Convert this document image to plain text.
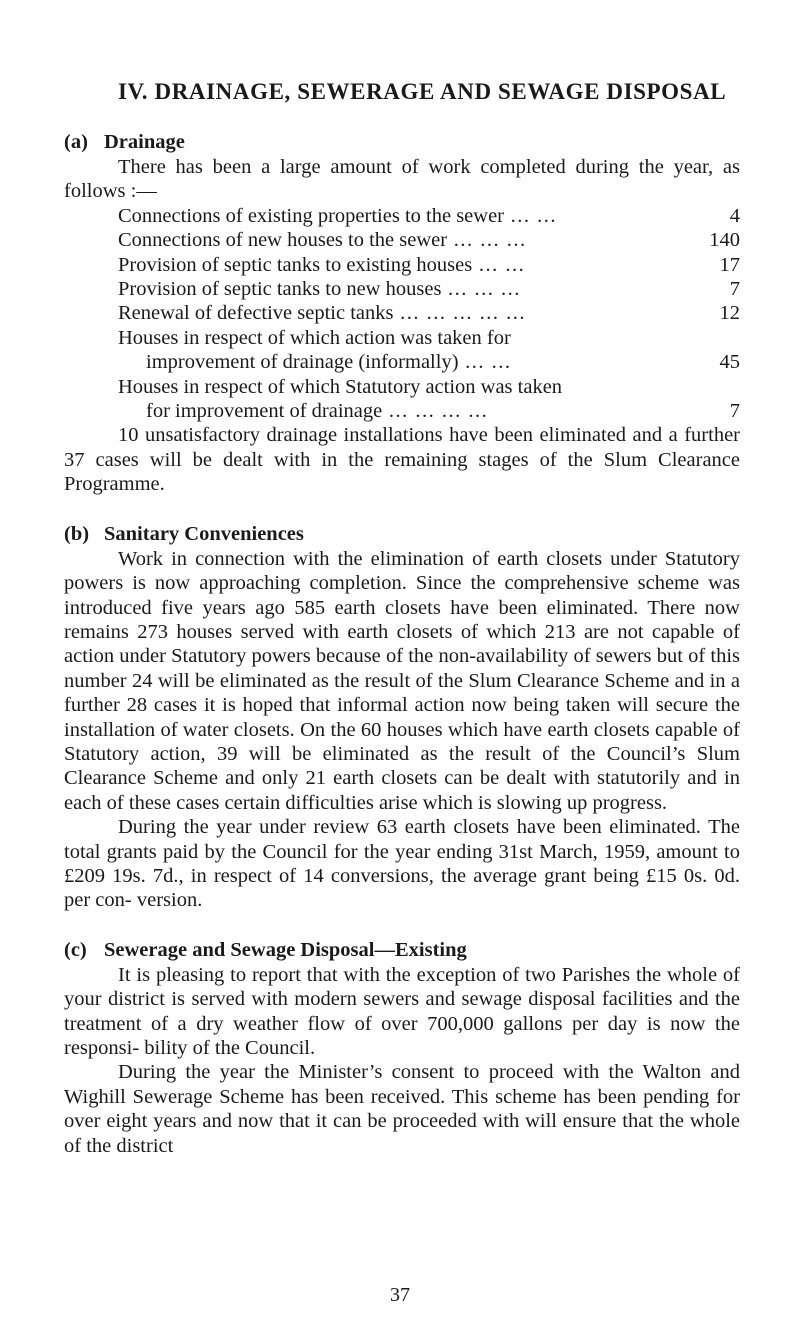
IV. DRAINAGE, SEWERAGE AND SEWAGE DISPOSAL
(a) Drainage

There has been a large amount of work completed during the year, as follows :—

Connections of existing properties to the sewer ... ...	4
Connections of new houses to the sewer ... ... ...	140
Provision of septic tanks to existing houses ... ...	17
Provision of septic tanks to new houses ... ... ...	7
Renewal of defective septic tanks ... ... ... ... ...	12
Houses in respect of which action was taken for
improvement of drainage (informally) ... ...	45
Houses in respect of which Statutory action was taken
for improvement of drainage ... ... ... ...	7

10 unsatisfactory drainage installations have been eliminated and a further 37 cases will be dealt with in the remaining stages of the Slum Clearance Programme.

(b) Sanitary Conveniences

Work in connection with the elimination of earth closets under Statutory powers is now approaching completion. Since the comprehensive scheme was introduced five years ago 585 earth closets have been eliminated. There now remains 273 houses served with earth closets of which 213 are not capable of action under Statutory powers because of the non-availability of sewers but of this number 24 will be eliminated as the result of the Slum Clearance Scheme and in a further 28 cases it is hoped that informal action now being taken will secure the installation of water closets. On the 60 houses which have earth closets capable of Statutory action, 39 will be eliminated as the result of the Council’s Slum Clearance Scheme and only 21 earth closets can be dealt with statutorily and in each of these cases certain difficulties arise which is slowing up progress.

During the year under review 63 earth closets have been eliminated. The total grants paid by the Council for the year ending 31st March, 1959, amount to £209 19s. 7d., in respect of 14 conversions, the average grant being £15 0s. 0d. per con- version.

(c) Sewerage and Sewage Disposal—Existing

It is pleasing to report that with the exception of two Parishes the whole of your district is served with modern sewers and sewage disposal facilities and the treatment of a dry weather flow of over 700,000 gallons per day is now the responsi- bility of the Council.

During the year the Minister’s consent to proceed with the Walton and Wighill Sewerage Scheme has been received. This scheme has been pending for over eight years and now that it can be proceeded with will ensure that the whole of the district

37
